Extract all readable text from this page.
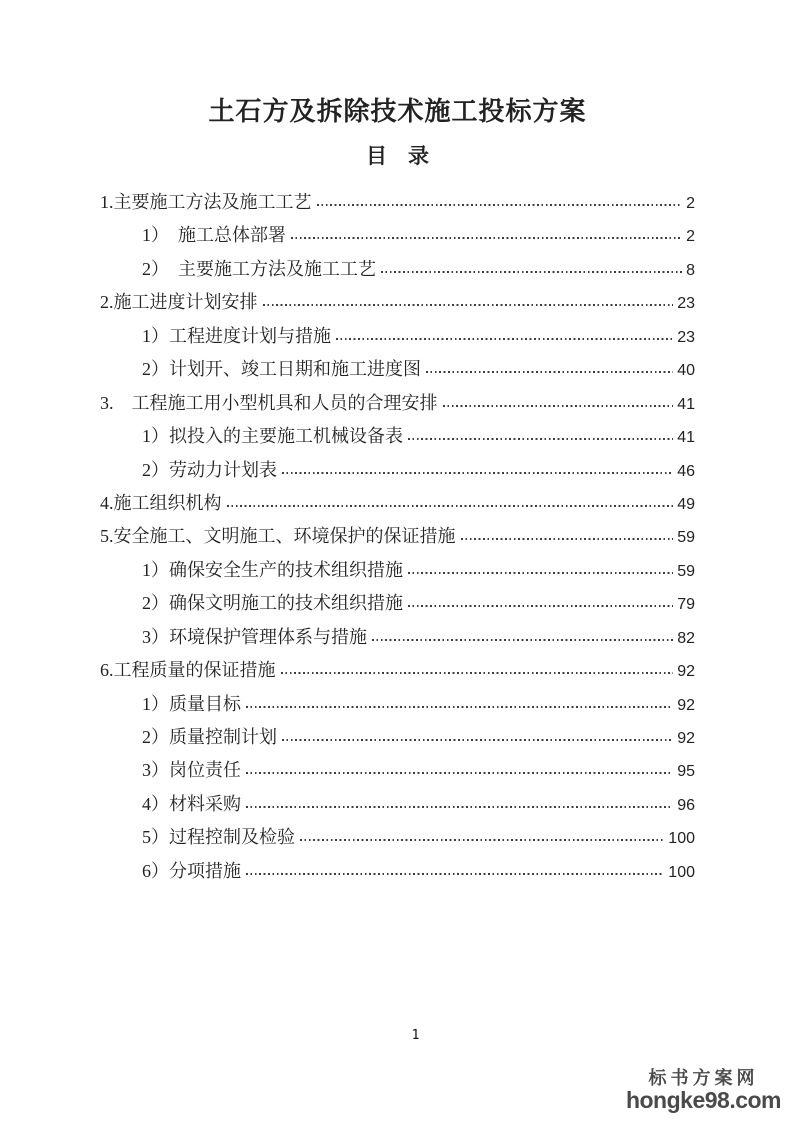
土石方及拆除技术施工投标方案
目　录
1.主要施工方法及施工工艺	2
1）　施工总体部署	2
2）　主要施工方法及施工工艺	8
2.施工进度计划安排	23
1）工程进度计划与措施	23
2）计划开、竣工日期和施工进度图	40
3.　工程施工用小型机具和人员的合理安排	41
1）拟投入的主要施工机械设备表	41
2）劳动力计划表	46
4.施工组织机构	49
5.安全施工、文明施工、环境保护的保证措施	59
1）确保安全生产的技术组织措施	59
2）确保文明施工的技术组织措施	79
3）环境保护管理体系与措施	82
6.工程质量的保证措施	92
1）质量目标	92
2）质量控制计划	92
3）岗位责任	95
4）材料采购	96
5）过程控制及检验	100
6）分项措施	100
1
标书方案网
hongke98.com
